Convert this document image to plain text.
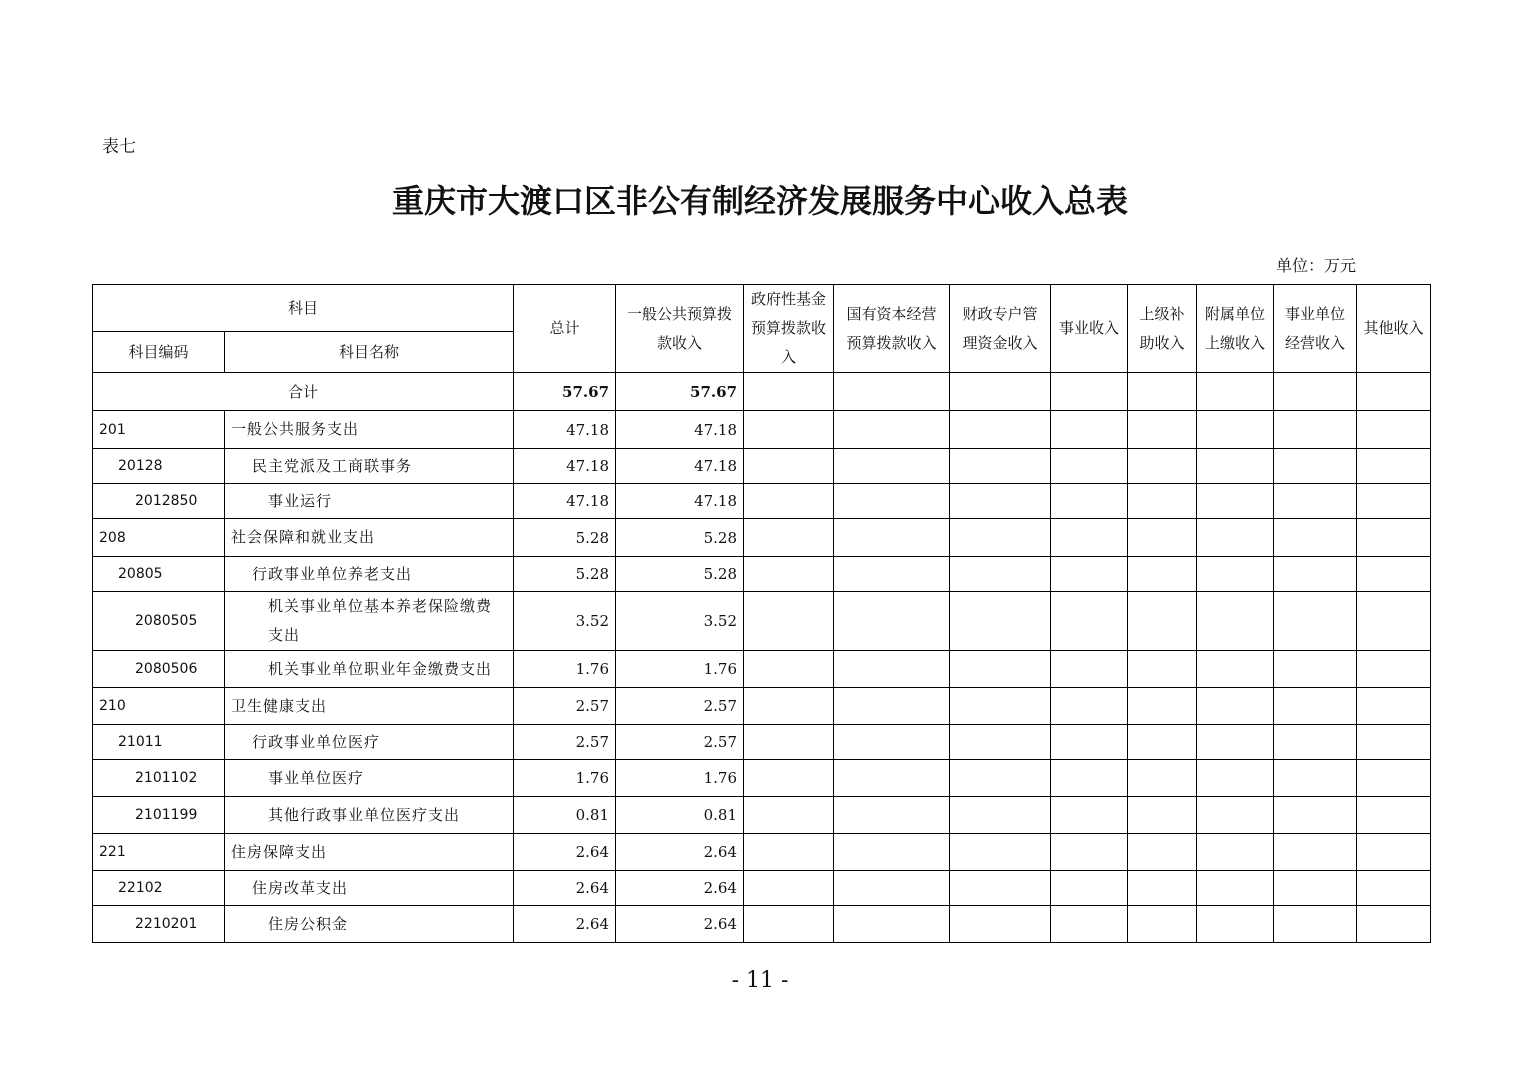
表七
重庆市大渡口区非公有制经济发展服务中心收入总表
单位：万元
科目		总计	一般公共预算拨款收入	政府性基金预算拨款收入	国有资本经营预算拨款收入	财政专户管理资金收入	事业收入	上级补助收入	附属单位上缴收入	事业单位经营收入	其他收入
科目编码	科目名称										
合计		57.67	57.67								
201	一般公共服务支出	47.18	47.18								
20128	民主党派及工商联事务	47.18	47.18								
2012850	事业运行	47.18	47.18								
208	社会保障和就业支出	5.28	5.28								
20805	行政事业单位养老支出	5.28	5.28								
2080505	机关事业单位基本养老保险缴费支出	3.52	3.52								
2080506	机关事业单位职业年金缴费支出	1.76	1.76								
210	卫生健康支出	2.57	2.57								
21011	行政事业单位医疗	2.57	2.57								
2101102	事业单位医疗	1.76	1.76								
2101199	其他行政事业单位医疗支出	0.81	0.81								
221	住房保障支出	2.64	2.64								
22102	住房改革支出	2.64	2.64								
2210201	住房公积金	2.64	2.64								
- 11 -
